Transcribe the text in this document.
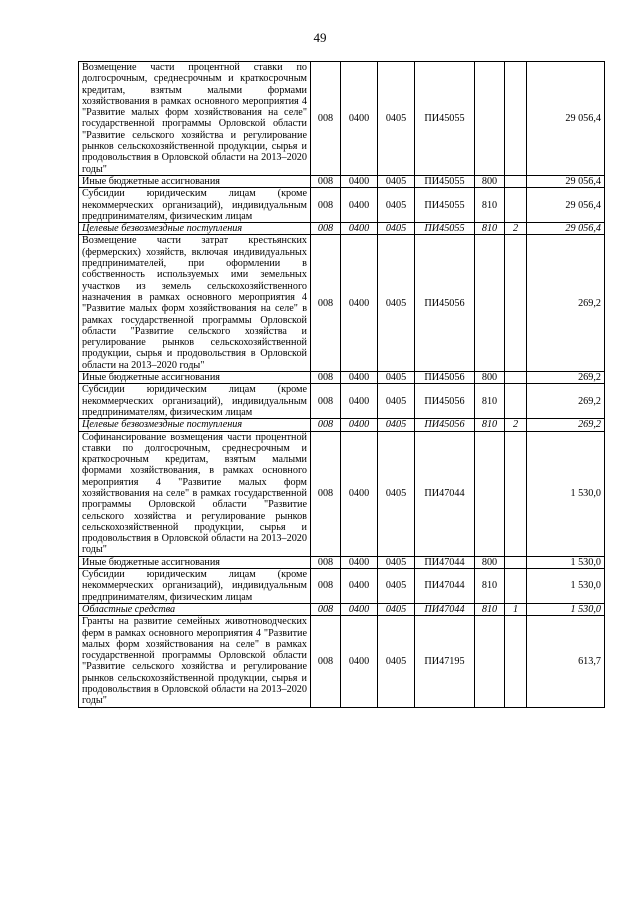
49
Возмещение части процентной ставки по долгосрочным, среднесрочным и краткосрочным кредитам, взятым малыми формами хозяйствования в рамках основного мероприятия 4 "Развитие малых форм хозяйствования на селе" государственной программы Орловской области "Развитие сельского хозяйства и регулирование рынков сельскохозяйственной продукции, сырья и продовольствия в Орловской области на 2013–2020 годы"	008	0400	0405	ПИ45055			29 056,4
Иные бюджетные ассигнования	008	0400	0405	ПИ45055	800		29 056,4
Субсидии юридическим лицам (кроме некоммерческих организаций), индивидуальным предпринимателям, физическим лицам	008	0400	0405	ПИ45055	810		29 056,4
Целевые безвозмездные поступления	008	0400	0405	ПИ45055	810	2	29 056,4
Возмещение части затрат крестьянских (фермерских) хозяйств, включая индивидуальных предпринимателей, при оформлении в собственность используемых ими земельных участков из земель сельскохозяйственного назначения в рамках основного мероприятия 4 "Развитие малых форм хозяйствования на селе" в рамках государственной программы Орловской области "Развитие сельского хозяйства и регулирование рынков сельскохозяйственной продукции, сырья и продовольствия в Орловской области на 2013–2020 годы"	008	0400	0405	ПИ45056			269,2
Иные бюджетные ассигнования	008	0400	0405	ПИ45056	800		269,2
Субсидии юридическим лицам (кроме некоммерческих организаций), индивидуальным предпринимателям, физическим лицам	008	0400	0405	ПИ45056	810		269,2
Целевые безвозмездные поступления	008	0400	0405	ПИ45056	810	2	269,2
Софинансирование возмещения части процентной ставки по долгосрочным, среднесрочным и краткосрочным кредитам, взятым малыми формами хозяйствования, в рамках основного мероприятия 4 "Развитие малых форм хозяйствования на селе" в рамках государственной программы Орловской области "Развитие сельского хозяйства и регулирование рынков сельскохозяйственной продукции, сырья и продовольствия в Орловской области на 2013–2020 годы"	008	0400	0405	ПИ47044			1 530,0
Иные бюджетные ассигнования	008	0400	0405	ПИ47044	800		1 530,0
Субсидии юридическим лицам (кроме некоммерческих организаций), индивидуальным предпринимателям, физическим лицам	008	0400	0405	ПИ47044	810		1 530,0
Областные средства	008	0400	0405	ПИ47044	810	1	1 530,0
Гранты на развитие семейных животноводческих ферм в рамках основного мероприятия 4 "Развитие малых форм хозяйствования на селе" в рамках государственной программы Орловской области "Развитие сельского хозяйства и регулирование рынков сельскохозяйственной продукции, сырья и продовольствия в Орловской области на 2013–2020 годы"	008	0400	0405	ПИ47195			613,7
